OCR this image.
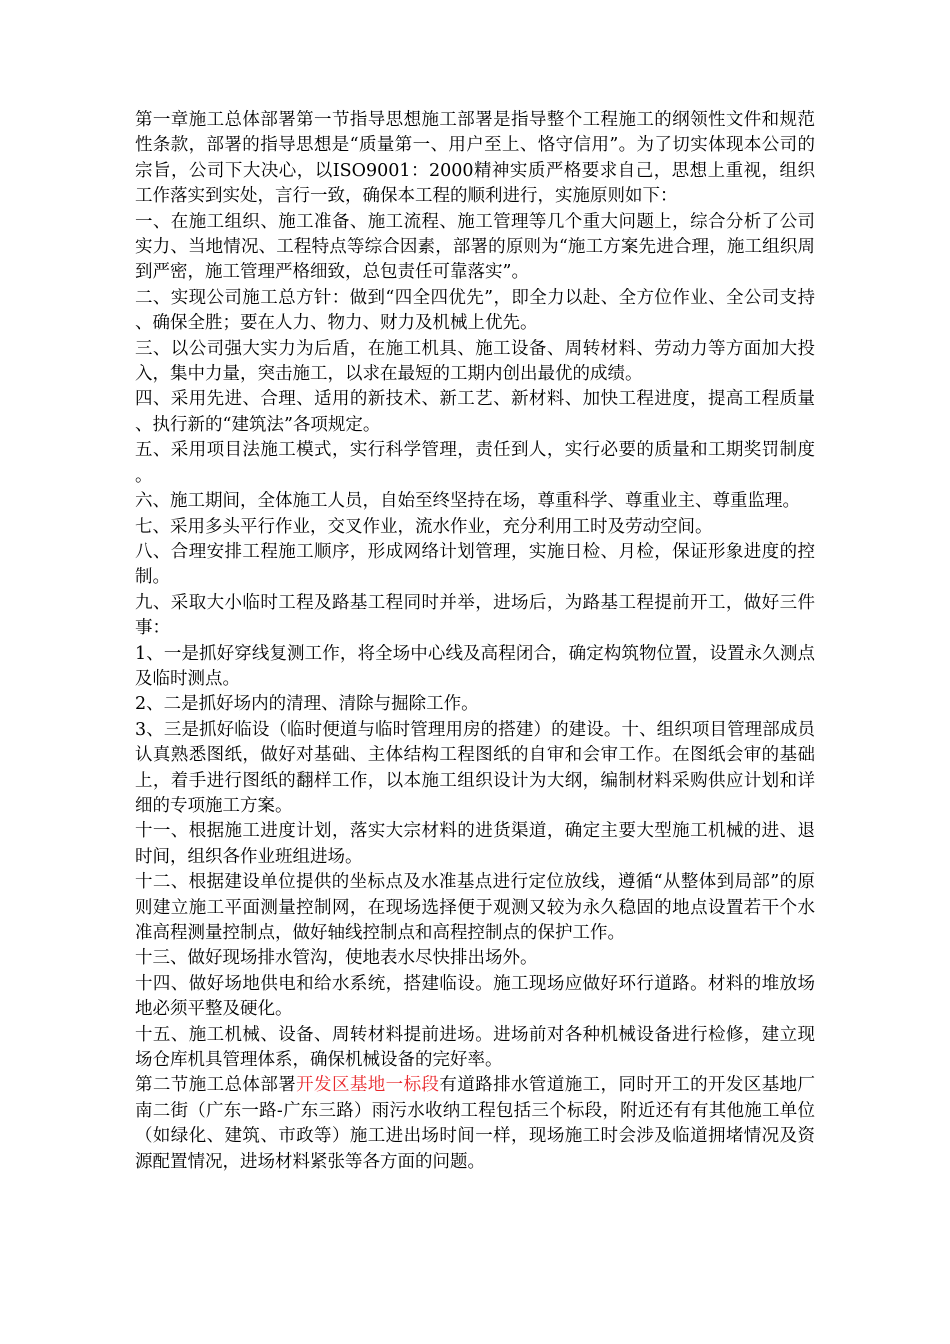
第一章施工总体部署第一节指导思想施工部署是指导整个工程施工的纲领性文件和规范性条款，部署的指导思想是“质量第一、用户至上、恪守信用”。为了切实体现本公司的宗旨，公司下大决心，以ISO9001：2000精神实质严格要求自己，思想上重视，组织工作落实到实处，言行一致，确保本工程的顺利进行，实施原则如下：

一、在施工组织、施工准备、施工流程、施工管理等几个重大问题上，综合分析了公司实力、当地情况、工程特点等综合因素，部署的原则为“施工方案先进合理，施工组织周到严密，施工管理严格细致，总包责任可靠落实”。

二、实现公司施工总方针：做到“四全四优先”，即全力以赴、全方位作业、全公司支持、确保全胜；要在人力、物力、财力及机械上优先。

三、以公司强大实力为后盾，在施工机具、施工设备、周转材料、劳动力等方面加大投入，集中力量，突击施工，以求在最短的工期内创出最优的成绩。

四、采用先进、合理、适用的新技术、新工艺、新材料、加快工程进度，提高工程质量、执行新的“建筑法”各项规定。

五、采用项目法施工模式，实行科学管理，责任到人，实行必要的质量和工期奖罚制度。

六、施工期间，全体施工人员，自始至终坚持在场，尊重科学、尊重业主、尊重监理。

七、采用多头平行作业，交叉作业，流水作业，充分利用工时及劳动空间。

八、合理安排工程施工顺序，形成网络计划管理，实施日检、月检，保证形象进度的控制。

九、采取大小临时工程及路基工程同时并举，进场后，为路基工程提前开工，做好三件事：

1、一是抓好穿线复测工作，将全场中心线及高程闭合，确定构筑物位置，设置永久测点及临时测点。

2、二是抓好场内的清理、清除与掘除工作。

3、三是抓好临设（临时便道与临时管理用房的搭建）的建设。十、组织项目管理部成员认真熟悉图纸，做好对基础、主体结构工程图纸的自审和会审工作。在图纸会审的基础上，着手进行图纸的翻样工作，以本施工组织设计为大纲，编制材料采购供应计划和详细的专项施工方案。

十一、根据施工进度计划，落实大宗材料的进货渠道，确定主要大型施工机械的进、退时间，组织各作业班组进场。

十二、根据建设单位提供的坐标点及水准基点进行定位放线，遵循“从整体到局部”的原则建立施工平面测量控制网，在现场选择便于观测又较为永久稳固的地点设置若干个水准高程测量控制点，做好轴线控制点和高程控制点的保护工作。

十三、做好现场排水管沟，使地表水尽快排出场外。

十四、做好场地供电和给水系统，搭建临设。施工现场应做好环行道路。材料的堆放场地必须平整及硬化。

十五、施工机械、设备、周转材料提前进场。进场前对各种机械设备进行检修，建立现场仓库机具管理体系，确保机械设备的完好率。

第二节施工总体部署开发区基地一标段有道路排水管道施工，同时开工的开发区基地厂南二街（广东一路-广东三路）雨污水收纳工程包括三个标段，附近还有有其他施工单位（如绿化、建筑、市政等）施工进出场时间一样，现场施工时会涉及临道拥堵情况及资源配置情况，进场材料紧张等各方面的问题。
